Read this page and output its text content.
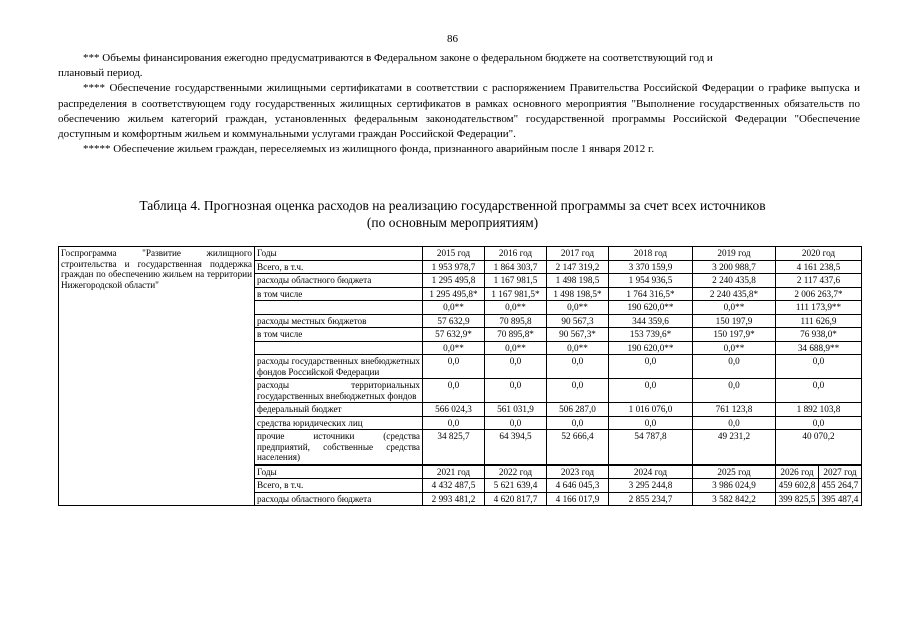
86

*** Объемы финансирования ежегодно предусматриваются в Федеральном законе о федеральном бюджете на соответствующий год и

плановый период.

**** Обеспечение государственными жилищными сертификатами в соответствии с распоряжением Правительства Российской Федерации о графике выпуска и распределения в соответствующем году государственных жилищных сертификатов в рамках основного мероприятия "Выполнение государственных обязательств по обеспечению жильем категорий граждан, установленных федеральным законодательством" государственной программы Российской Федерации "Обеспечение доступным и комфортным жильем и коммунальными услугами граждан Российской Федерации".

***** Обеспечение жильем граждан, переселяемых из жилищного фонда, признанного аварийным после 1 января 2012 г.

Таблица 4. Прогнозная оценка расходов на реализацию государственной программы за счет всех источников
(по основным мероприятиям)
Госпрограмма "Развитие жилищного строительства и государственная поддержка граждан по обеспечению жильем на территории Нижегородской области"	Годы	2015 год	2016 год	2017 год	2018 год	2019 год	2020 год	
	Всего, в т.ч.	1 953 978,7	1 864 303,7	2 147 319,2	3 370 159,9	3 200 988,7	4 161 238,5	
	расходы областного бюджета	1 295 495,8	1 167 981,5	1 498 198,5	1 954 936,5	2 240 435,8	2 117 437,6	
	в том числе	1 295 495,8*	1 167 981,5*	1 498 198,5*	1 764 316,5*	2 240 435,8*	2 006 263,7*	
		0,0**	0,0**	0,0**	190 620,0**	0,0**	111 173,9**	
	расходы местных бюджетов	57 632,9	70 895,8	90 567,3	344 359,6	150 197,9	111 626,9	
	в том числе	57 632,9*	70 895,8*	90 567,3*	153 739,6*	150 197,9*	76 938,0*	
		0,0**	0,0**	0,0**	190 620,0**	0,0**	34 688,9**	
	расходы государственных внебюджетных фондов Российской Федерации	0,0	0,0	0,0	0,0	0,0	0,0	
	расходы территориальных государственных внебюджетных фондов	0,0	0,0	0,0	0,0	0,0	0,0	
	федеральный бюджет	566 024,3	561 031,9	506 287,0	1 016 076,0	761 123,8	1 892 103,8	
	средства юридических лиц	0,0	0,0	0,0	0,0	0,0	0,0	
	прочие источники (средства предприятий, собственные средства населения)	34 825,7	64 394,5	52 666,4	54 787,8	49 231,2	40 070,2	
	Годы	2021 год	2022 год	2023 год	2024 год	2025 год	2026 год	2027 год
	Всего, в т.ч.	4 432 487,5	5 621 639,4	4 646 045,3	3 295 244,8	3 986 024,9	459 602,8	455 264,7
	расходы областного бюджета	2 993 481,2	4 620 817,7	4 166 017,9	2 855 234,7	3 582 842,2	399 825,5	395 487,4
